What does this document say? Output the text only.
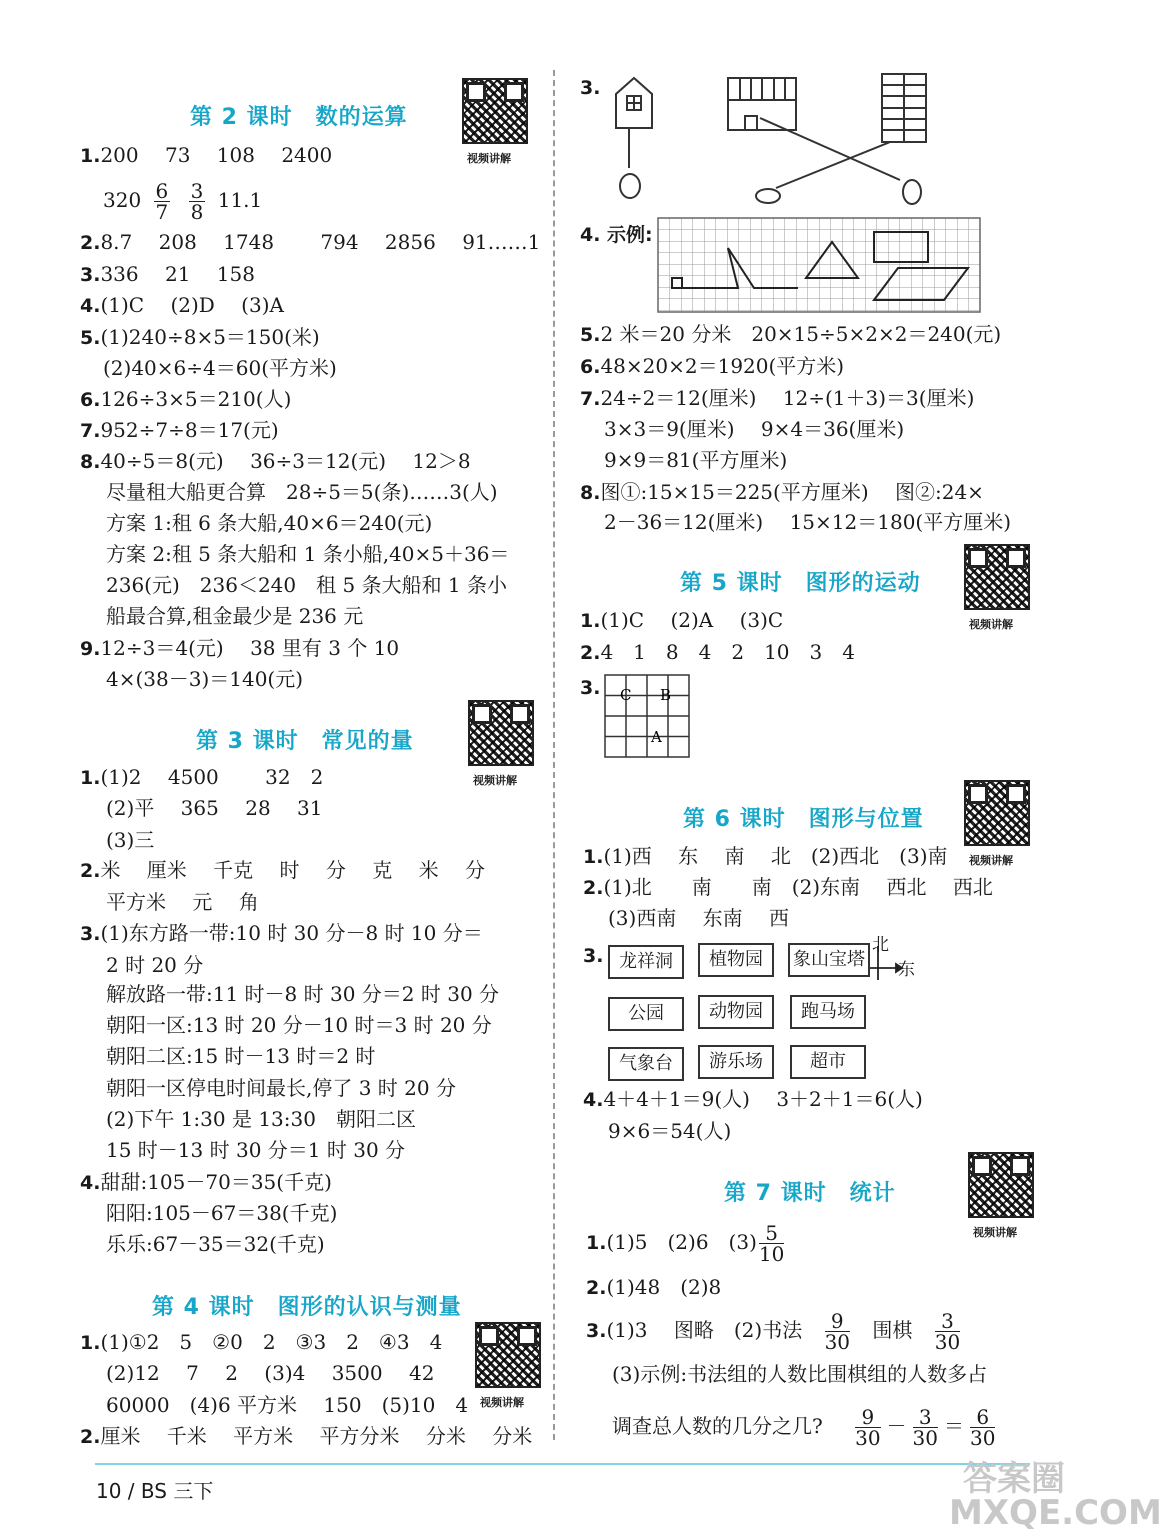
第 2 课时　数的运算
视频讲解
1.200　 73　 108　 2400
$320 \frac{6}{7}$
$\frac{3}{8} 11.1$
2.8.7　 208　 1748　　 794　 2856　 91……1
3.336　 21　 158
4.(1)C　 (2)D　 (3)A
5.(1)240÷8×5＝150(米)
(2)40×6÷4＝60(平方米)
6.126÷3×5＝210(人)
7.952÷7÷8＝17(元)
8.40÷5＝8(元)　 36÷3＝12(元)　 12＞8
尽量租大船更合算　28÷5＝5(条)……3(人)
方案 1:租 6 条大船,40×6＝240(元)
方案 2:租 5 条大船和 1 条小船,40×5＋36＝
236(元)　236＜240　租 5 条大船和 1 条小
船最合算,租金最少是 236 元
9.12÷3＝4(元)　 38 里有 3 个 10
4×(38－3)＝140(元)
第 3 课时　常见的量
视频讲解
1.(1)2　 4500　　 32　2
(2)平　 365　 28　 31
(3)三
2.米　 厘米　 千克　 时　 分　 克　 米　 分
平方米　 元　 角
3.(1)东方路一带:10 时 30 分－8 时 10 分＝
2 时 20 分
解放路一带:11 时－8 时 30 分＝2 时 30 分
朝阳一区:13 时 20 分－10 时＝3 时 20 分
朝阳二区:15 时－13 时＝2 时
朝阳一区停电时间最长,停了 3 时 20 分
(2)下午 1:30 是 13:30　朝阳二区
15 时－13 时 30 分＝1 时 30 分
4.甜甜:105－70＝35(千克)
阳阳:105－67＝38(千克)
乐乐:67－35＝32(千克)
第 4 课时　图形的认识与测量
视频讲解
1.(1)①2　5　②0　2　③3　2　④3　4
(2)12　 7　 2　 (3)4　 3500　 42
60000　(4)6 平方米　 150　(5)10　4
2.厘米　 千米　 平方米　 平方分米　 分米　 分米
3.
4. 示例:
5.2 米＝20 分米　20×15÷5×2×2＝240(元)
6.48×20×2＝1920(平方米)
7.24÷2＝12(厘米)　 12÷(1＋3)＝3(厘米)
3×3＝9(厘米)　 9×4＝36(厘米)
9×9＝81(平方厘米)
8.图①:15×15＝225(平方厘米)　 图②:24×
2－36＝12(厘米)　 15×12＝180(平方厘米)
第 5 课时　图形的运动
视频讲解
1.(1)C　 (2)A　 (3)C
2.4　1　8　4　2　10　3　4
3. C B
A
第 6 课时　图形与位置
视频讲解
1.(1)西　 东　 南　 北　(2)西北　(3)南
2.(1)北　　南　　南　(2)东南　 西北　 西北
(3)西南　 东南　 西
3. 龙祥洞	植物园	象山宝塔
公园	动物园	跑马场
气象台	游乐场	超市
北
东
4.4＋4＋1＝9(人)　 3＋2＋1＝6(人)
9×6＝54(人)
第 7 课时　统计
视频讲解
1.(1)5　(2)6　$(3) \frac{5}{10}$
2.(1)48　(2)8
3.(1)3　 图略　(2)书法 $\frac{9}{30}$ 围棋 $\frac{3}{30}$
(3)示例:书法组的人数比围棋组的人数多占
调查总人数的几分之几? $\frac{9}{30} - \frac{3}{30} = \frac{6}{30}$
10 / BS 三下	答案圈 MXQE.COM
